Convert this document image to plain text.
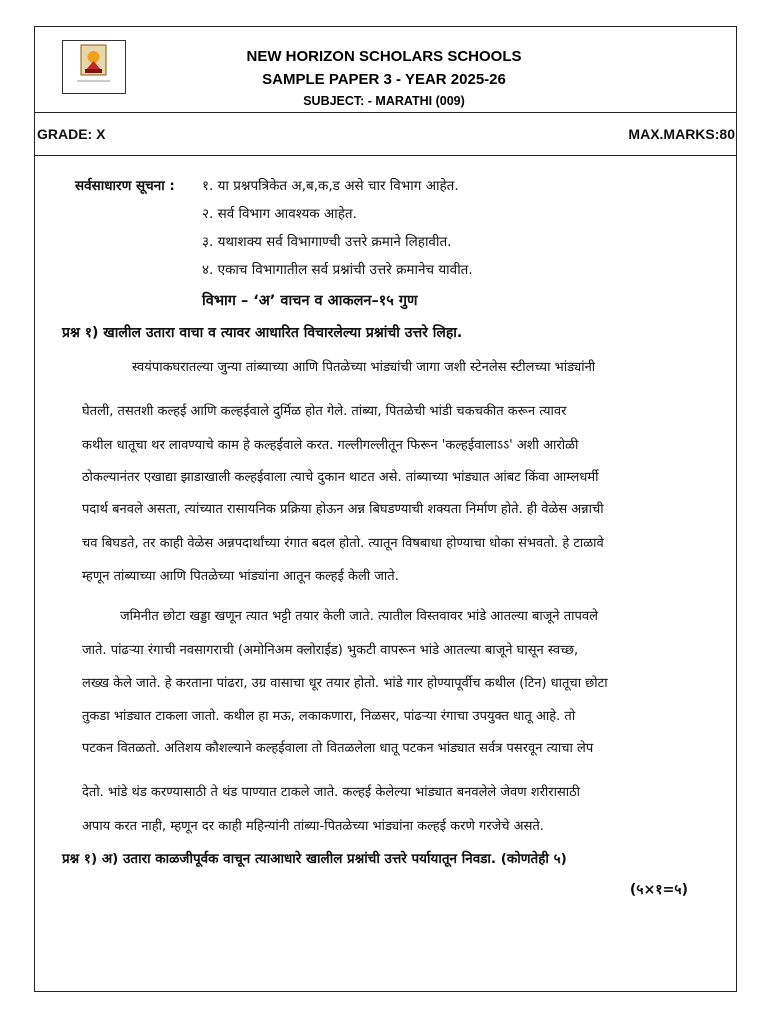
NEW HORIZON SCHOLARS SCHOOLS
SAMPLE PAPER 3 - YEAR 2025-26
SUBJECT: - MARATHI (009)
GRADE: X	MAX.MARKS:80
सर्वसाधारण सूचना : १. या प्रश्नपत्रिकेत अ,ब,क,ड असे चार विभाग आहेत.
२. सर्व विभाग आवश्यक आहेत.
३. यथाशक्य सर्व विभागाण्ची उत्तरे क्रमाने लिहावीत.
४. एकाच विभागातील सर्व प्रश्नांची उत्तरे क्रमानेच यावीत.
विभाग – ‘अ’ वाचन व आकलन–१५ गुण
प्रश्न १) खालील उतारा वाचा व त्यावर आधारित विचारलेल्या प्रश्नांची उत्तरे लिहा.
स्वयंपाकघरातल्या जुन्या तांब्याच्या आणि पितळेच्या भांड्यांची जागा जशी स्टेनलेस स्टीलच्या भांड्यांनी
घेतली, तसतशी कल्हई आणि कल्हईवाले दुर्मिळ होत गेले. तांब्या, पितळेची भांडी चकचकीत करून त्यावर
कथील धातूचा थर लावण्याचे काम हे कल्हईवाले करत. गल्लीगल्लीतून फिरून 'कल्हईवालाऽऽ' अशी आरोळी
ठोकल्यानंतर एखाद्या झाडाखाली कल्हईवाला त्याचे दुकान थाटत असे. तांब्याच्या भांड्यात आंबट किंवा आम्लधर्मी
पदार्थ बनवले असता, त्यांच्यात रासायनिक प्रक्रिया होऊन अन्न बिघडण्याची शक्यता निर्माण होते. ही वेळेस अन्नाची
चव बिघडते, तर काही वेळेस अन्नपदार्थांच्या रंगात बदल होतो. त्यातून विषबाधा होण्याचा धोका संभवतो. हे टाळावे
म्हणून तांब्याच्या आणि पितळेच्या भांड्यांना आतून कल्हई केली जाते.
जमिनीत छोटा खड्डा खणून त्यात भट्टी तयार केली जाते. त्यातील विस्तवावर भांडे आतल्या बाजूने तापवले
जाते. पांढऱ्या रंगाची नवसागराची (अमोनिअम क्लोराईड) भुकटी वापरून भांडे आतल्या बाजूने घासून स्वच्छ,
लख्ख केले जाते. हे करताना पांढरा, उग्र वासाचा धूर तयार होतो. भांडे गार होण्यापूर्वीच कथील (टिन) धातूचा छोटा
तुकडा भांड्यात टाकला जातो. कथील हा मऊ, लकाकणारा, निळसर, पांढऱ्या रंगाचा उपयुक्त धातू आहे. तो
पटकन वितळतो. अतिशय कौशल्याने कल्हईवाला तो वितळलेला धातू पटकन भांड्यात सर्वत्र पसरवून त्याचा लेप
देतो. भांडे थंड करण्यासाठी ते थंड पाण्यात टाकले जाते. कल्हई केलेल्या भांड्यात बनवलेले जेवण शरीरासाठी
अपाय करत नाही, म्हणून दर काही महिन्यांनी तांब्या-पितळेच्या भांड्यांना कल्हई करणे गरजेचे असते.
प्रश्न १) अ) उतारा काळजीपूर्वक वाचून त्याआधारे खालील प्रश्नांची उत्तरे पर्यायातून निवडा. (कोणतेही ५)
(५×१=५)
